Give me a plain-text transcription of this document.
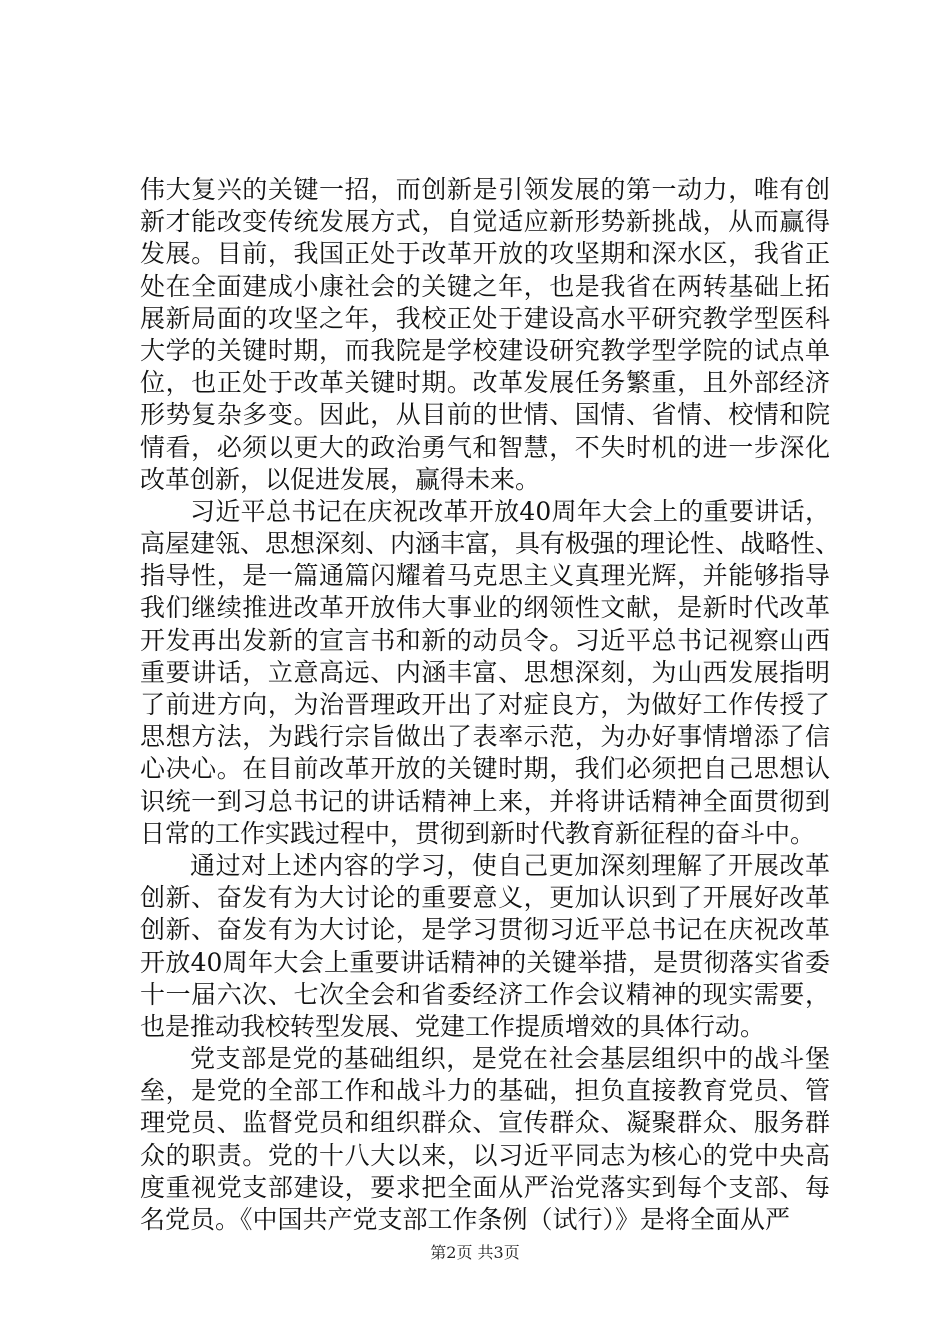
伟大复兴的关键一招，而创新是引领发展的第一动力，唯有创
新才能改变传统发展方式，自觉适应新形势新挑战，从而赢得
发展。目前，我国正处于改革开放的攻坚期和深水区，我省正
处在全面建成小康社会的关键之年，也是我省在两转基础上拓
展新局面的攻坚之年，我校正处于建设高水平研究教学型医科
大学的关键时期，而我院是学校建设研究教学型学院的试点单
位，也正处于改革关键时期。改革发展任务繁重，且外部经济
形势复杂多变。因此，从目前的世情、国情、省情、校情和院
情看，必须以更大的政治勇气和智慧，不失时机的进一步深化
改革创新，以促进发展，赢得未来。
习近平总书记在庆祝改革开放40周年大会上的重要讲话，
高屋建瓴、思想深刻、内涵丰富，具有极强的理论性、战略性、
指导性，是一篇通篇闪耀着马克思主义真理光辉，并能够指导
我们继续推进改革开放伟大事业的纲领性文献，是新时代改革
开发再出发新的宣言书和新的动员令。习近平总书记视察山西
重要讲话，立意高远、内涵丰富、思想深刻，为山西发展指明
了前进方向，为治晋理政开出了对症良方，为做好工作传授了
思想方法，为践行宗旨做出了表率示范，为办好事情增添了信
心决心。在目前改革开放的关键时期，我们必须把自己思想认
识统一到习总书记的讲话精神上来，并将讲话精神全面贯彻到
日常的工作实践过程中，贯彻到新时代教育新征程的奋斗中。
通过对上述内容的学习，使自己更加深刻理解了开展改革
创新、奋发有为大讨论的重要意义，更加认识到了开展好改革
创新、奋发有为大讨论，是学习贯彻习近平总书记在庆祝改革
开放40周年大会上重要讲话精神的关键举措，是贯彻落实省委
十一届六次、七次全会和省委经济工作会议精神的现实需要，
也是推动我校转型发展、党建工作提质增效的具体行动。
党支部是党的基础组织，是党在社会基层组织中的战斗堡
垒，是党的全部工作和战斗力的基础，担负直接教育党员、管
理党员、监督党员和组织群众、宣传群众、凝聚群众、服务群
众的职责。党的十八大以来，以习近平同志为核心的党中央高
度重视党支部建设，要求把全面从严治党落实到每个支部、每
名党员。《中国共产党支部工作条例（试行）》是将全面从严
第2页 共3页
